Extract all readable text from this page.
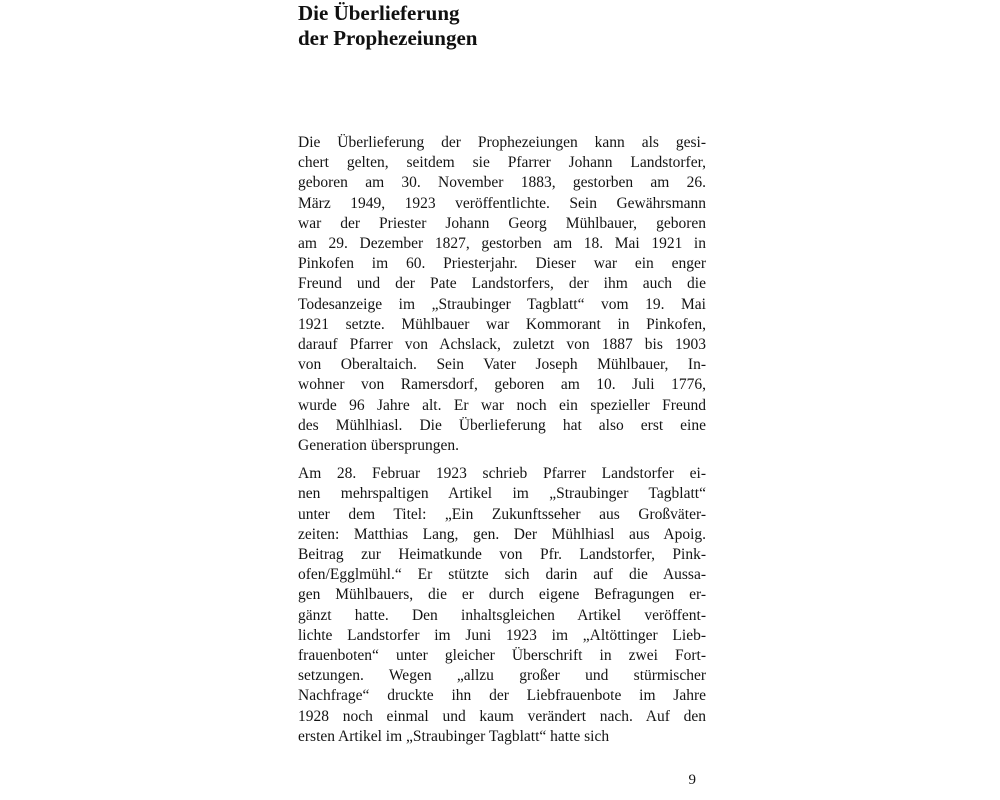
Die Überlieferung
der Prophezeiungen
Die Überlieferung der Prophezeiungen kann als gesi-
chert gelten, seitdem sie Pfarrer Johann Landstorfer,
geboren am 30. November 1883, gestorben am 26.
März 1949, 1923 veröffentlichte. Sein Gewährsmann
war der Priester Johann Georg Mühlbauer, geboren
am 29. Dezember 1827, gestorben am 18. Mai 1921 in
Pinkofen im 60. Priesterjahr. Dieser war ein enger
Freund und der Pate Landstorfers, der ihm auch die
Todesanzeige im „Straubinger Tagblatt“ vom 19. Mai
1921 setzte. Mühlbauer war Kommorant in Pinkofen,
darauf Pfarrer von Achslack, zuletzt von 1887 bis 1903
von Oberaltaich. Sein Vater Joseph Mühlbauer, In-
wohner von Ramersdorf, geboren am 10. Juli 1776,
wurde 96 Jahre alt. Er war noch ein spezieller Freund
des Mühlhiasl. Die Überlieferung hat also erst eine
Generation übersprungen.
Am 28. Februar 1923 schrieb Pfarrer Landstorfer ei-
nen mehrspaltigen Artikel im „Straubinger Tagblatt“
unter dem Titel: „Ein Zukunftsseher aus Großväter-
zeiten: Matthias Lang, gen. Der Mühlhiasl aus Apoig.
Beitrag zur Heimatkunde von Pfr. Landstorfer, Pink-
ofen/Egglmühl.“ Er stützte sich darin auf die Aussa-
gen Mühlbauers, die er durch eigene Befragungen er-
gänzt hatte. Den inhaltsgleichen Artikel veröffent-
lichte Landstorfer im Juni 1923 im „Altöttinger Lieb-
frauenboten“ unter gleicher Überschrift in zwei Fort-
setzungen. Wegen „allzu großer und stürmischer
Nachfrage“ druckte ihn der Liebfrauenbote im Jahre
1928 noch einmal und kaum verändert nach. Auf den
ersten Artikel im „Straubinger Tagblatt“ hatte sich
9
